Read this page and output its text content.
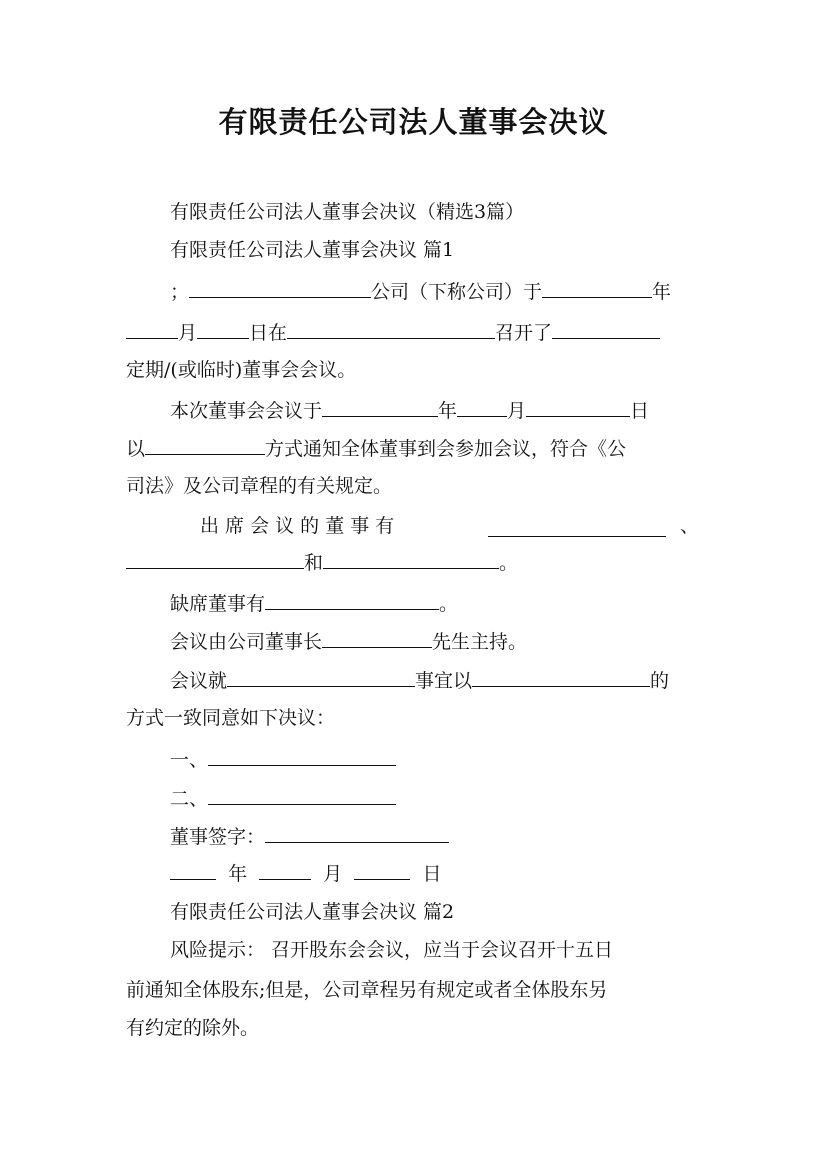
有限责任公司法人董事会决议
有限责任公司法人董事会决议（精选3篇）
有限责任公司法人董事会决议 篇1
；	公司（下称公司）于	年
月	日在	召开了
定期/(或临时)董事会会议。
本次董事会会议于	年	月	日
以	方式通知全体董事到会参加会议，符合《公
司法》及公司章程的有关规定。
出 席 会 议 的 董 事 有	、
和	。
缺席董事有	。
会议由公司董事长	先生主持。
会议就	事宜以	的
方式一致同意如下决议：
一、
二、
董事签字：
年	月	日
有限责任公司法人董事会决议 篇2
风险提示： 召开股东会会议，应当于会议召开十五日
前通知全体股东;但是，公司章程另有规定或者全体股东另
有约定的除外。
